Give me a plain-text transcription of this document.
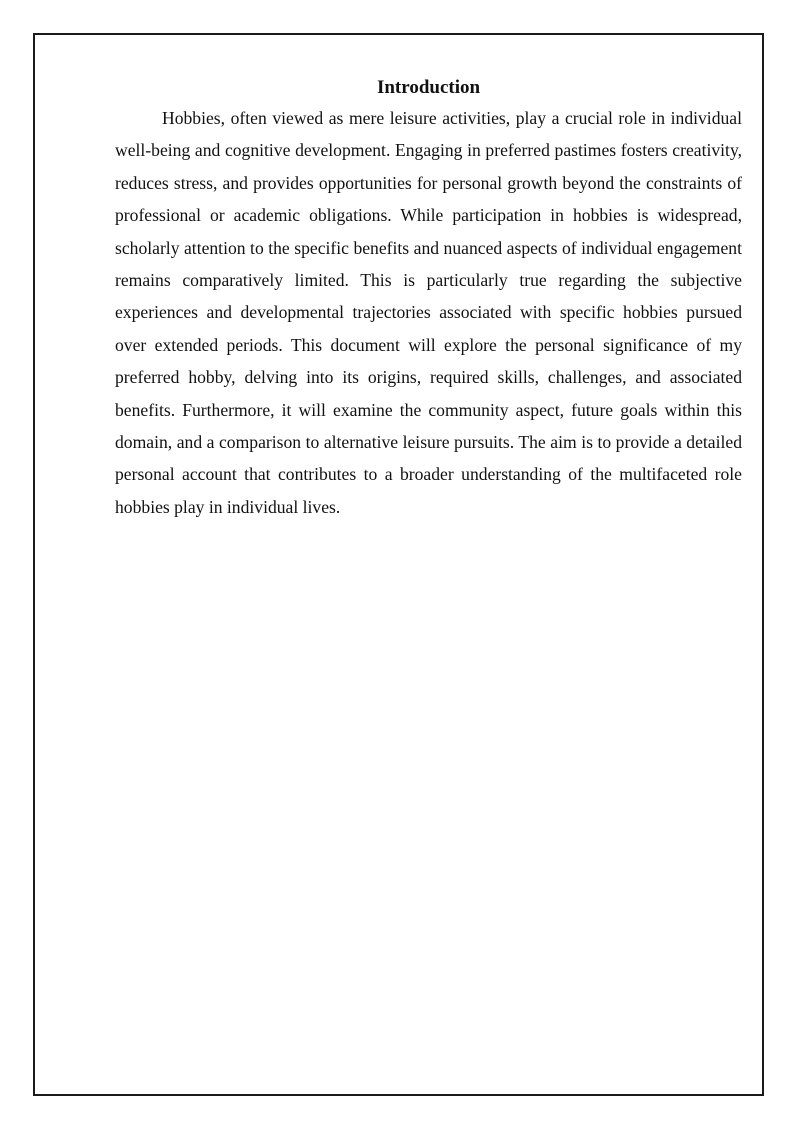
Introduction

Hobbies, often viewed as mere leisure activities, play a crucial role in individual well-being and cognitive development. Engaging in preferred pastimes fosters creativity, reduces stress, and provides opportunities for personal growth beyond the constraints of professional or academic obligations. While participation in hobbies is widespread, scholarly attention to the specific benefits and nuanced aspects of individual engagement remains comparatively limited. This is particularly true regarding the subjective experiences and developmental trajectories associated with specific hobbies pursued over extended periods. This document will explore the personal significance of my preferred hobby, delving into its origins, required skills, challenges, and associated benefits. Furthermore, it will examine the community aspect, future goals within this domain, and a comparison to alternative leisure pursuits. The aim is to provide a detailed personal account that contributes to a broader understanding of the multifaceted role hobbies play in individual lives.
